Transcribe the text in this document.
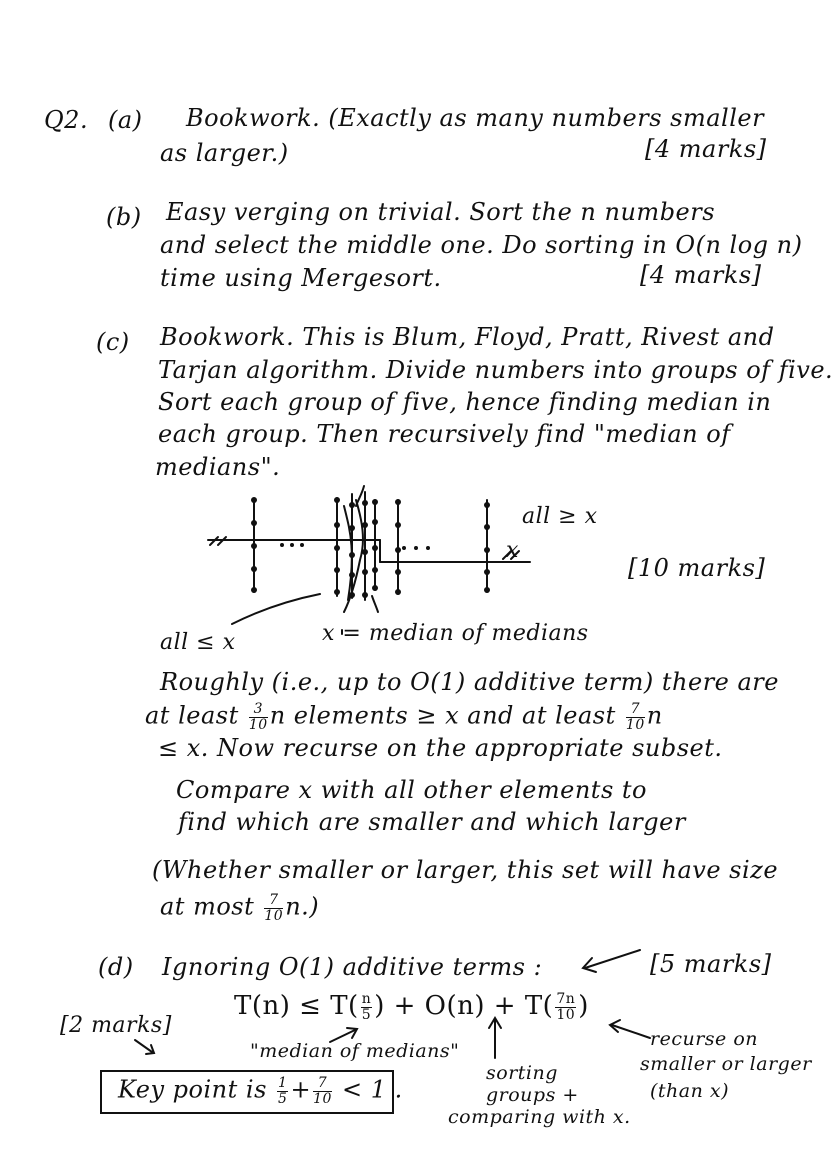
Q2. (a) Bookwork. (Exactly as many numbers smaller
as larger.)	[4 marks]
(b) Easy verging on trivial. Sort the n numbers
and select the middle one. Do sorting in O(n log n)
time using Mergesort.	[4 marks]
(c) Bookwork. This is Blum, Floyd, Pratt, Rivest and
Tarjan algorithm. Divide numbers into groups of five.
Sort each group of five, hence finding median in
each group. Then recursively find "median of
medians".
all ≥ x
x
[10 marks]
all ≤ x	x = median of medians
Roughly (i.e., up to O(1) additive term) there are
at least $\frac{3}{10}$ n elements ≥ x and at least $\frac{7}{10}$ n
≤ x. Now recurse on the appropriate subset.
Compare x with all other elements to
find which are smaller and which larger
(Whether smaller or larger, this set will have size
at most $\frac{7}{10} n$.)
(d) Ignoring O(1) additive terms :	[5 marks]
$T(n) \le T( \frac{n}{5}$ ) + $O(n) + T( \frac{7n}{10}$ )
[2 marks]
"median of medians"
sorting
groups +
comparing with x.
recurse on
smaller or larger
(than x)
Key point is $\frac{1}{5} + \frac{7}{10} < 1$ .
